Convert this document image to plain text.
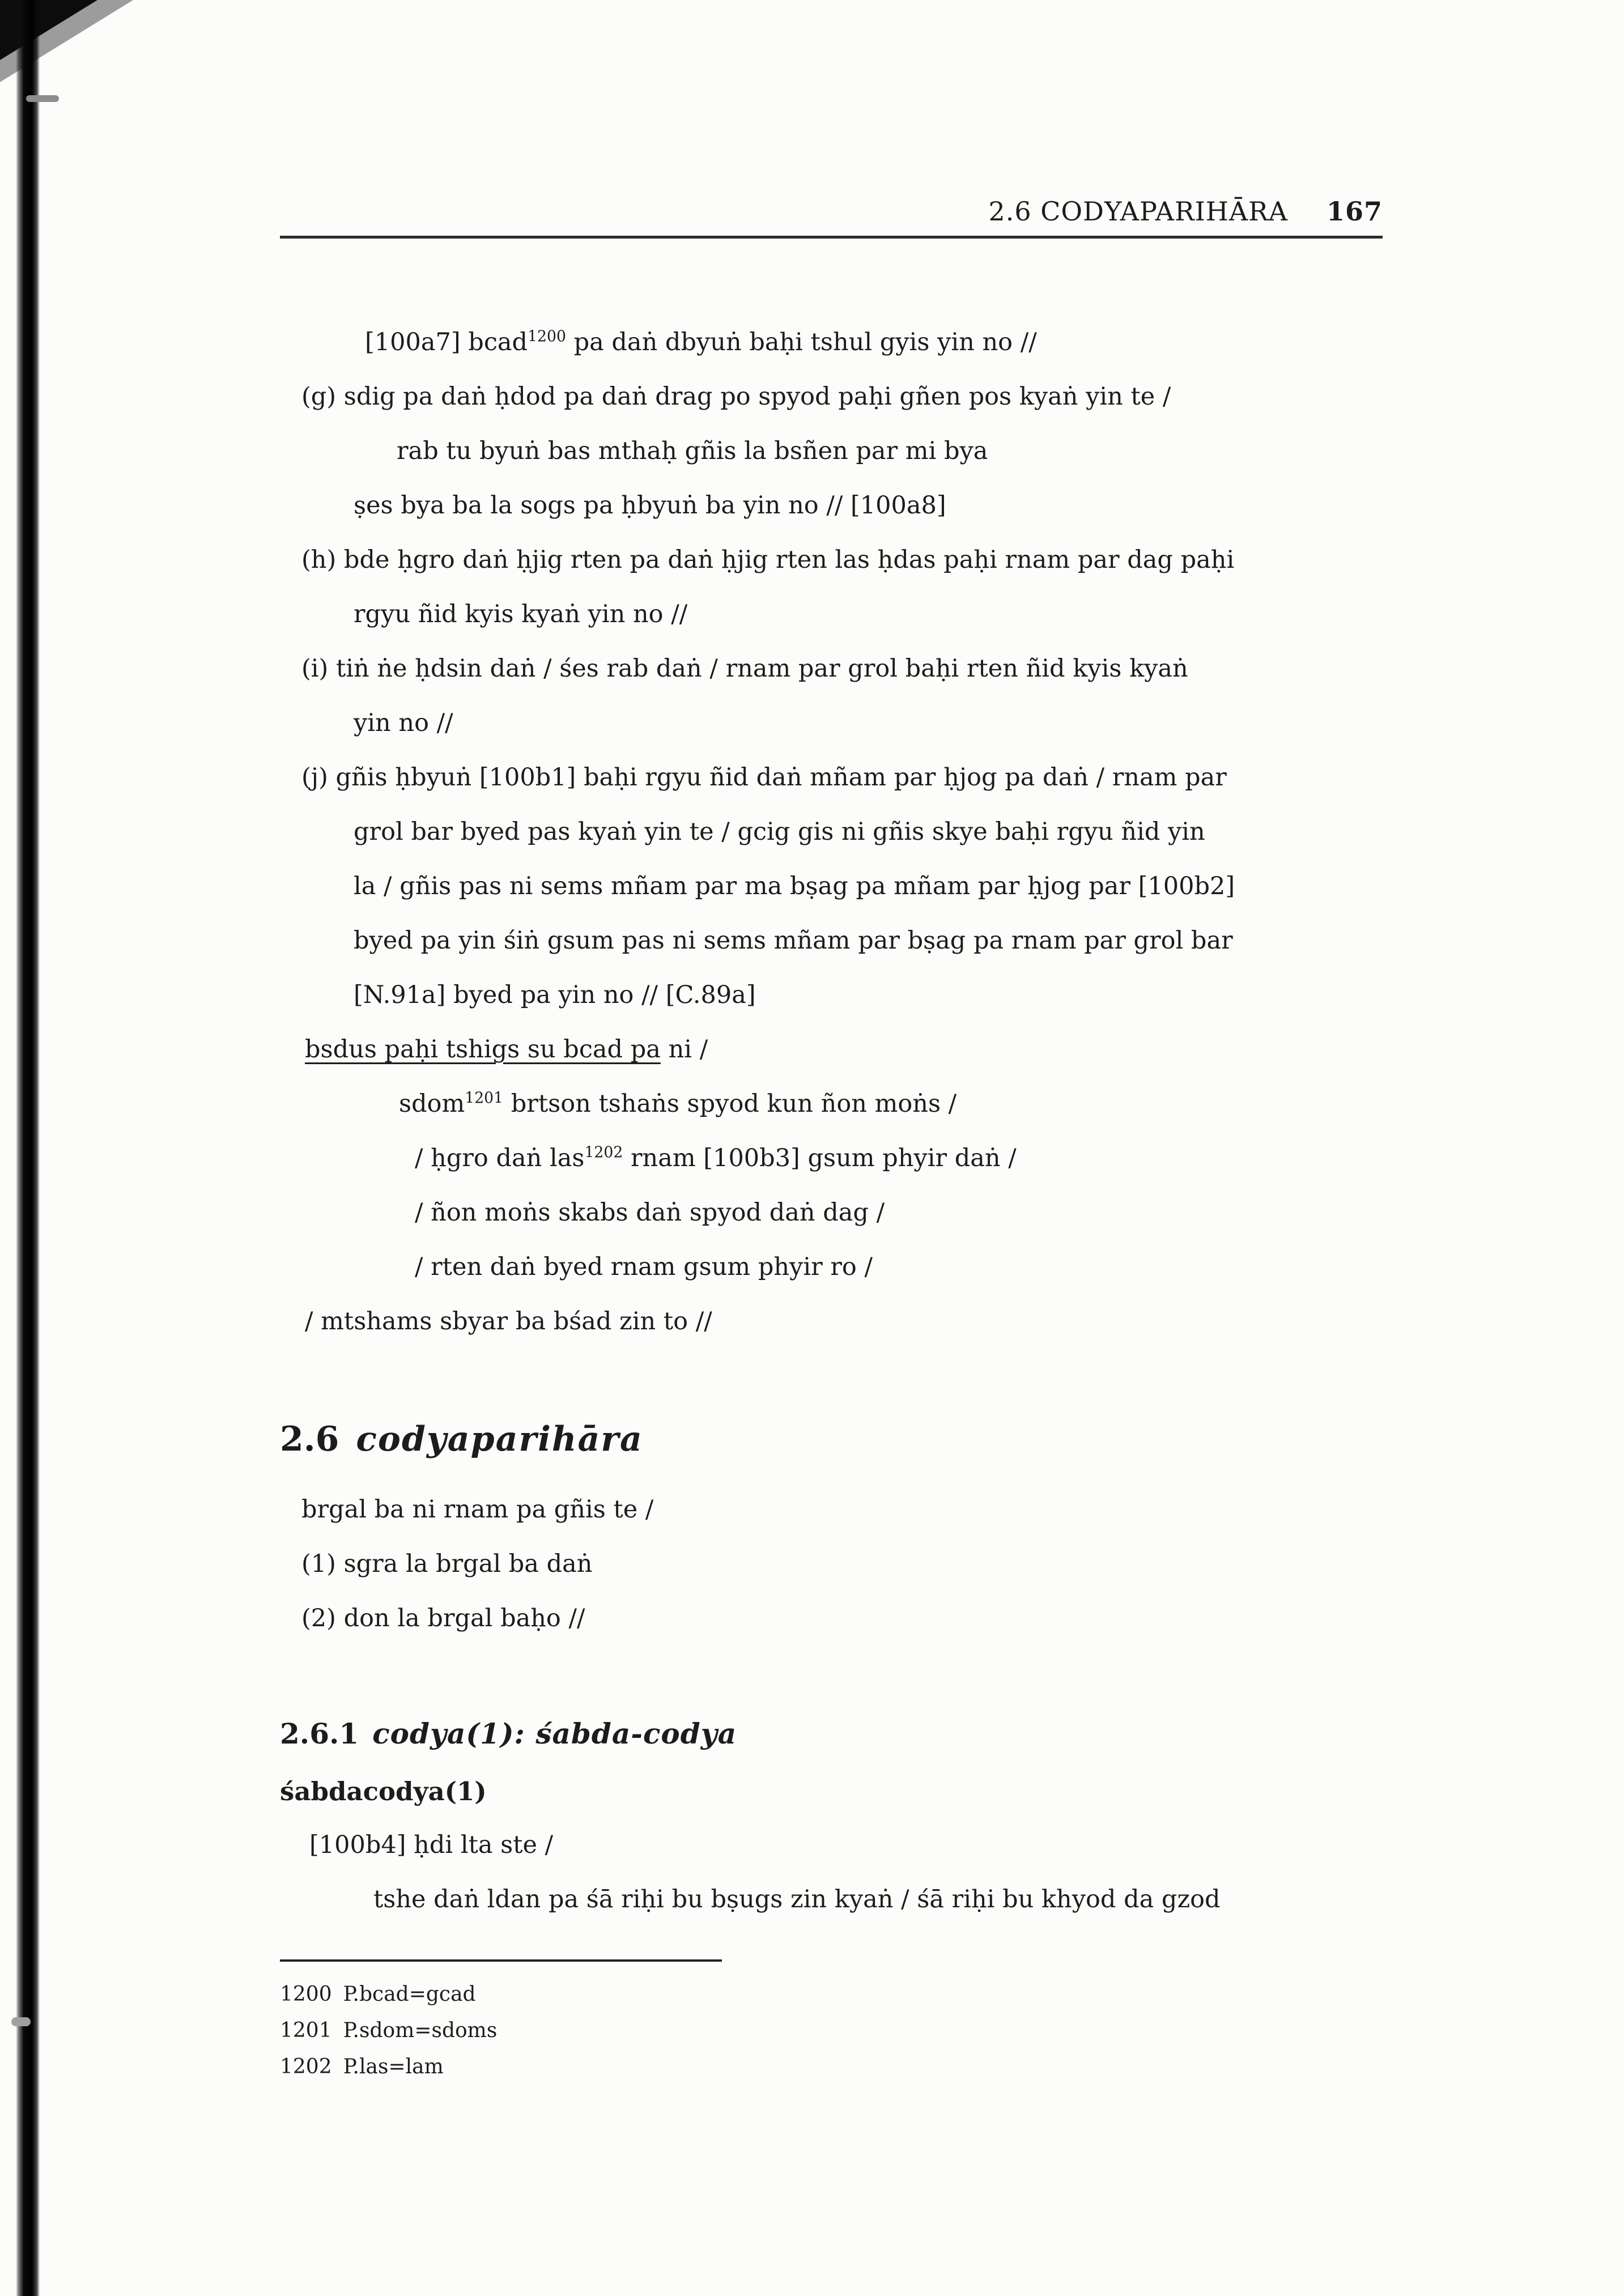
2.6 CODYAPARIHĀRA 167
[100a7] bcad$^{1200}$ pa daṅ dbyuṅ baḥi tshul gyis yin no //
(g) sdig pa daṅ ḥdod pa daṅ drag po spyod paḥi gñen pos kyaṅ yin te /
rab tu byuṅ bas mthaḥ gñis la bsñen par mi bya
ṣes bya ba la sogs pa ḥbyuṅ ba yin no // [100a8]
(h) bde ḥgro daṅ ḥjig rten pa daṅ ḥjig rten las ḥdas paḥi rnam par dag paḥi
rgyu ñid kyis kyaṅ yin no //
(i) tiṅ ṅe ḥdsin daṅ / śes rab daṅ / rnam par grol baḥi rten ñid kyis kyaṅ
yin no //
(j) gñis ḥbyuṅ [100b1] baḥi rgyu ñid daṅ mñam par ḥjog pa daṅ / rnam par
grol bar byed pas kyaṅ yin te / gcig gis ni gñis skye baḥi rgyu ñid yin
la / gñis pas ni sems mñam par ma bṣag pa mñam par ḥjog par [100b2]
byed pa yin śiṅ gsum pas ni sems mñam par bṣag pa rnam par grol bar
[N.91a] byed pa yin no // [C.89a]
bsdus paḥi tshigs su bcad pa ni /
sdom$^{1201}$ brtson tshaṅs spyod kun ñon moṅs /
/ ḥgro daṅ las$^{1202}$ rnam [100b3] gsum phyir daṅ /
/ ñon moṅs skabs daṅ spyod daṅ dag /
/ rten daṅ byed rnam gsum phyir ro /
/ mtshams sbyar ba bśad zin to //
2.6 codyaparihāra
brgal ba ni rnam pa gñis te /
(1) sgra la brgal ba daṅ
(2) don la brgal baḥo //
2.6.1 codya(1): śabda-codya
śabdacodya(1)
[100b4] ḥdi lta ste /
tshe daṅ ldan pa śā riḥi bu bṣugs zin kyaṅ / śā riḥi bu khyod da gzod
1200 P.bcad=gcad
1201 P.sdom=sdoms
1202 P.las=lam
